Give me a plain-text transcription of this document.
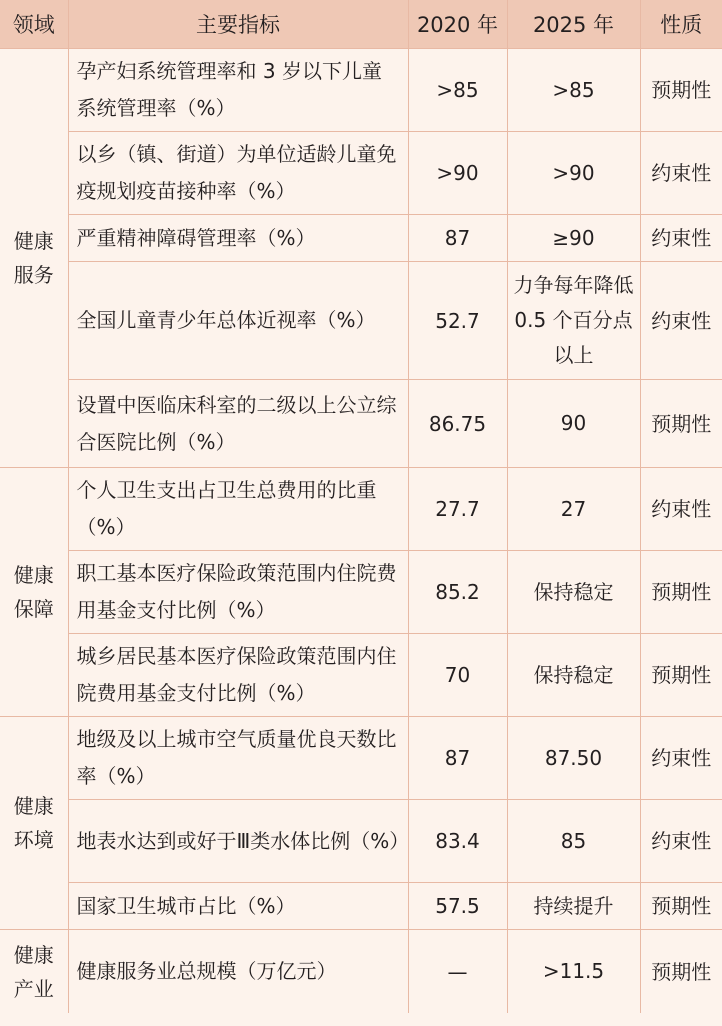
领域	主要指标	2020 年	2025 年	性质
健康服务	孕产妇系统管理率和 3 岁以下儿童系统管理率（%）	>85	>85	预期性
	以乡（镇、街道）为单位适龄儿童免疫规划疫苗接种率（%）	>90	>90	约束性
	严重精神障碍管理率（%）	87	≥90	约束性
	全国儿童青少年总体近视率（%）	52.7	力争每年降低 0.5 个百分点以上	约束性
	设置中医临床科室的二级以上公立综合医院比例（%）	86.75	90	预期性
健康保障	个人卫生支出占卫生总费用的比重（%）	27.7	27	约束性
	职工基本医疗保险政策范围内住院费用基金支付比例（%）	85.2	保持稳定	预期性
	城乡居民基本医疗保险政策范围内住院费用基金支付比例（%）	70	保持稳定	预期性
健康环境	地级及以上城市空气质量优良天数比率（%）	87	87.50	约束性
	地表水达到或好于Ⅲ类水体比例（%）	83.4	85	约束性
	国家卫生城市占比（%）	57.5	持续提升	预期性
健康产业	健康服务业总规模（万亿元）	—	>11.5	预期性
